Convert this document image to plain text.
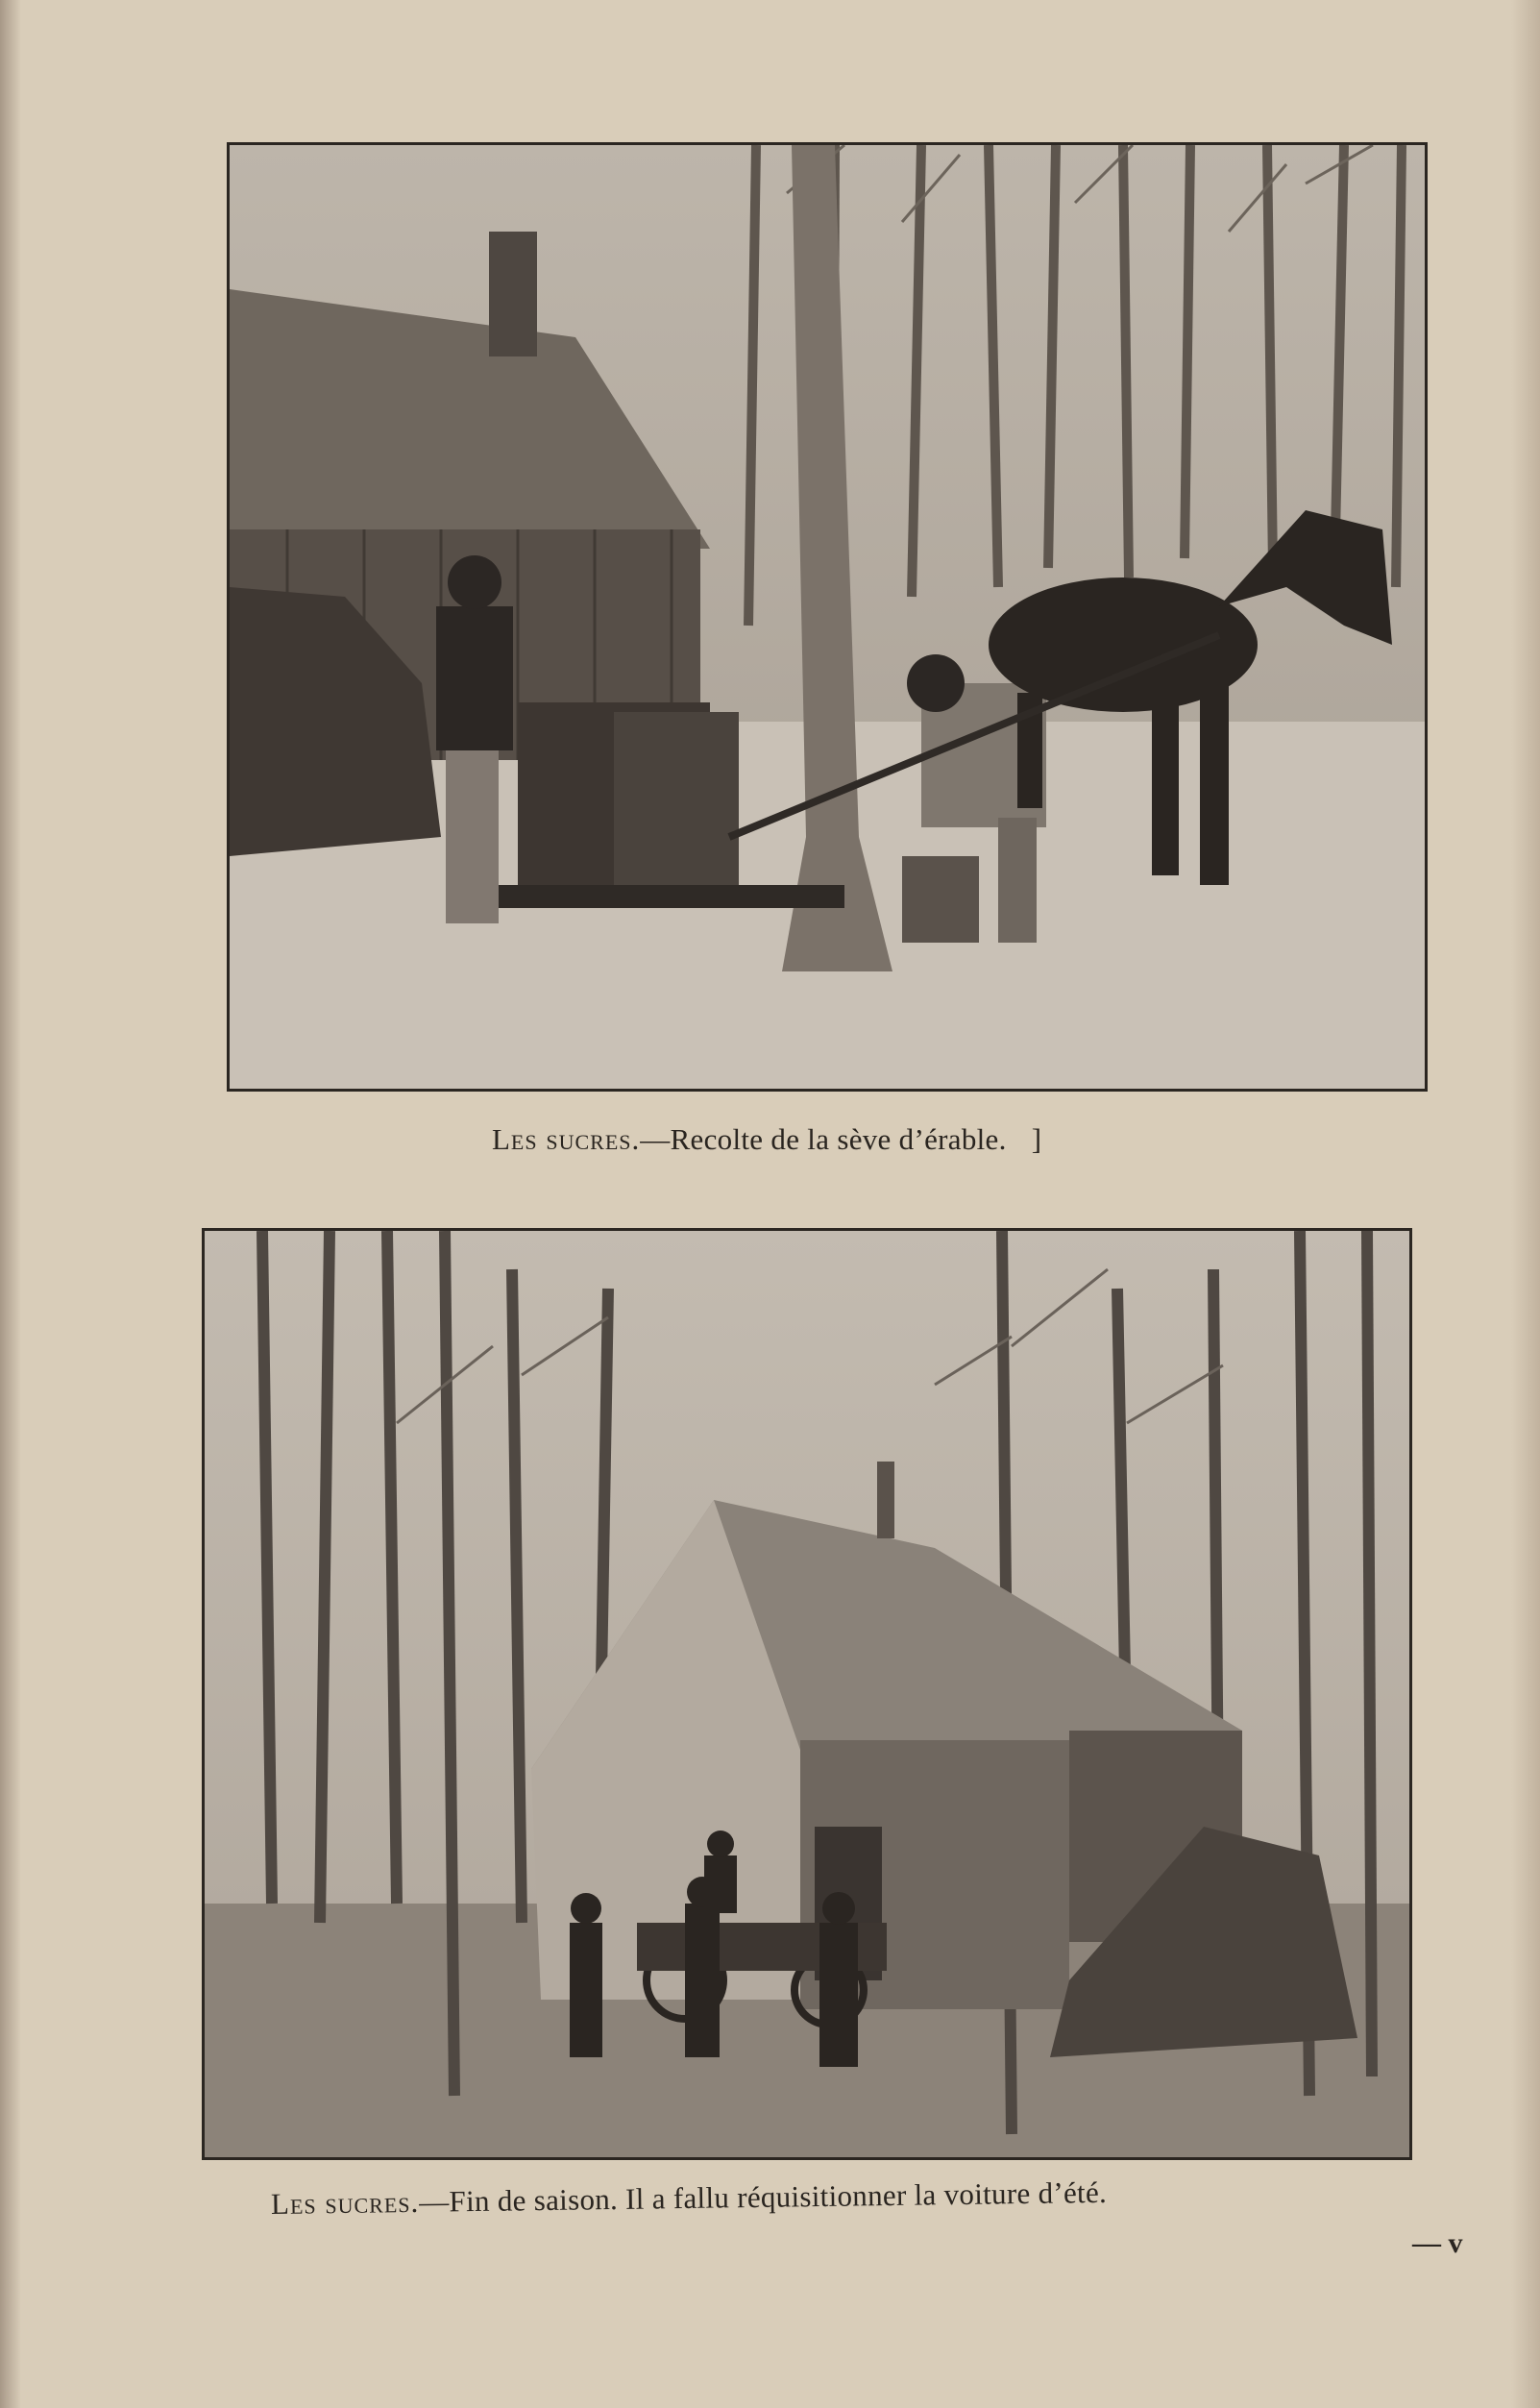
Les sucres.—Recolte de la sève d’érable. ]
Les sucres.—Fin de saison. Il a fallu réquisitionner la voiture d’été.
— v
